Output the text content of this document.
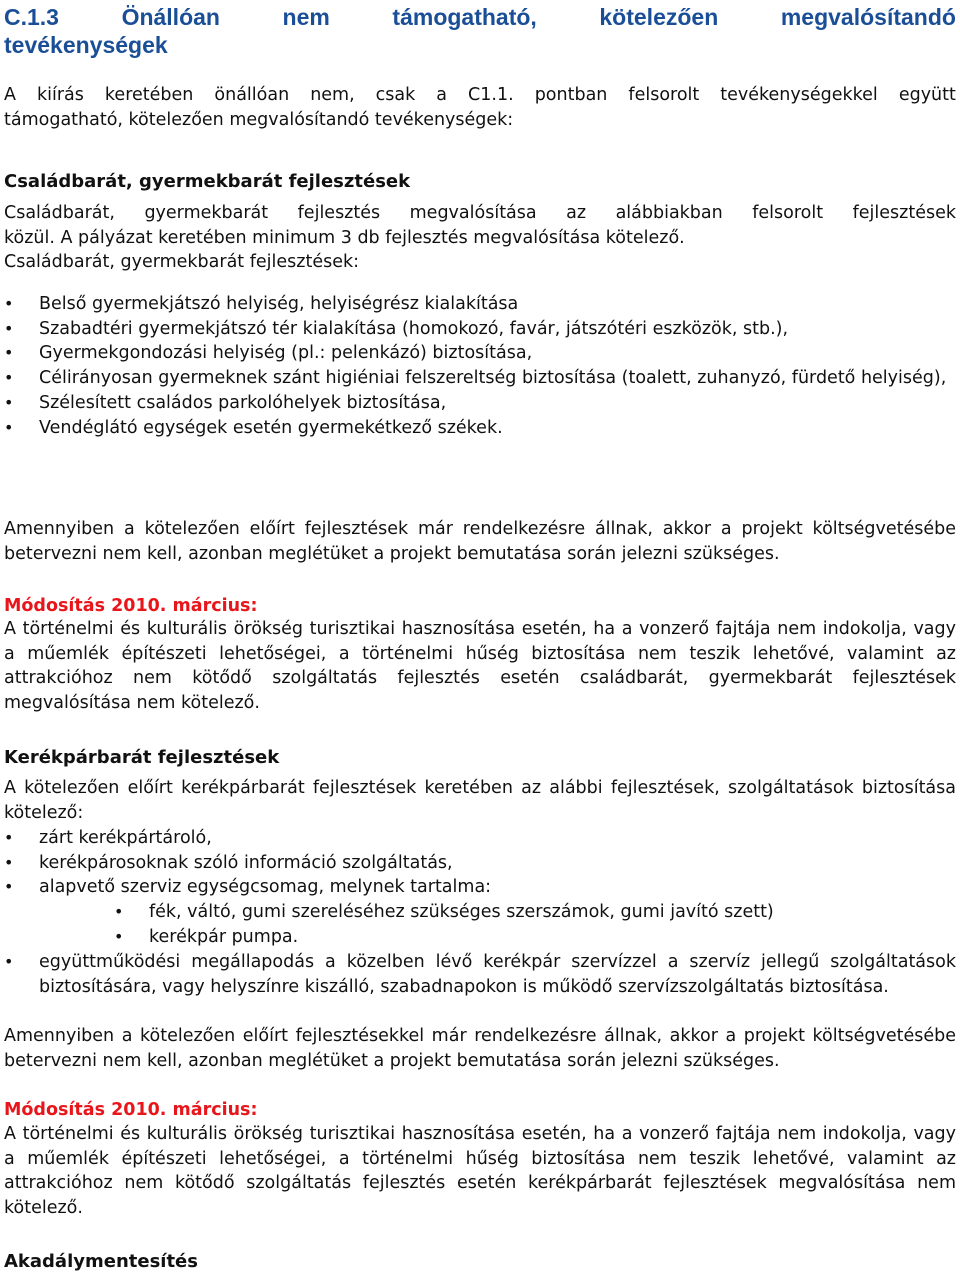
C.1.3	Önállóan	nem	támogatható,	kötelezően	megvalósítandó
tevékenységek
A kiírás keretében önállóan nem, csak a C1.1. pontban felsorolt tevékenységekkel együtt
támogatható, kötelezően megvalósítandó tevékenységek:
Családbarát, gyermekbarát fejlesztések
Családbarát, gyermekbarát fejlesztés megvalósítása az alábbiakban felsorolt fejlesztések
közül. A pályázat keretében minimum 3 db fejlesztés megvalósítása kötelező.
Családbarát, gyermekbarát fejlesztések:
• Belső gyermekjátszó helyiség, helyiségrész kialakítása
• Szabadtéri gyermekjátszó tér kialakítása (homokozó, favár, játszótéri eszközök, stb.),
• Gyermekgondozási helyiség (pl.: pelenkázó) biztosítása,
• Célirányosan gyermeknek szánt higiéniai felszereltség biztosítása (toalett, zuhanyzó, fürdető helyiség),
• Szélesített családos parkolóhelyek biztosítása,
• Vendéglátó egységek esetén gyermekétkező székek.
Amennyiben a kötelezően előírt fejlesztések már rendelkezésre állnak, akkor a projekt költségvetésébe betervezni nem kell, azonban meglétüket a projekt bemutatása során jelezni szükséges.
Módosítás 2010. március:
A történelmi és kulturális örökség turisztikai hasznosítása esetén, ha a vonzerő fajtája nem indokolja, vagy a műemlék építészeti lehetőségei, a történelmi hűség biztosítása nem teszik lehetővé, valamint az attrakcióhoz nem kötődő szolgáltatás fejlesztés esetén családbarát, gyermekbarát fejlesztések megvalósítása nem kötelező.
Kerékpárbarát fejlesztések
A kötelezően előírt kerékpárbarát fejlesztések keretében az alábbi fejlesztések, szolgáltatások biztosítása kötelező:
• zárt kerékpártároló,
• kerékpárosoknak szóló információ szolgáltatás,
• alapvető szerviz egységcsomag, melynek tartalma:
• fék, váltó, gumi szereléséhez szükséges szerszámok, gumi javító szett)
• kerékpár pumpa.
• együttműködési megállapodás a közelben lévő kerékpár szervízzel a szervíz jellegű szolgáltatások biztosítására, vagy helyszínre kiszálló, szabadnapokon is működő szervízszolgáltatás biztosítása.
Amennyiben a kötelezően előírt fejlesztésekkel már rendelkezésre állnak, akkor a projekt költségvetésébe betervezni nem kell, azonban meglétüket a projekt bemutatása során jelezni szükséges.
Módosítás 2010. március:
A történelmi és kulturális örökség turisztikai hasznosítása esetén, ha a vonzerő fajtája nem indokolja, vagy a műemlék építészeti lehetőségei, a történelmi hűség biztosítása nem teszik lehetővé, valamint az attrakcióhoz nem kötődő szolgáltatás fejlesztés esetén kerékpárbarát fejlesztések megvalósítása nem kötelező.
Akadálymentesítés
